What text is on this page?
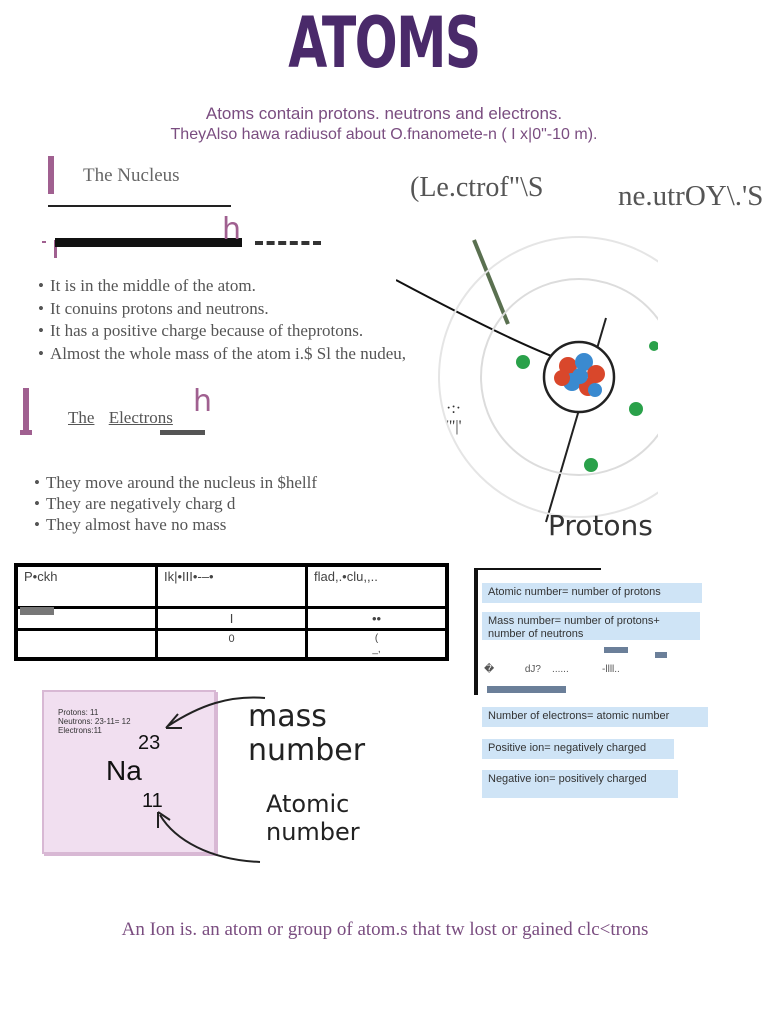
ATOMS
Atoms contain protons. neutrons and electrons.
TheyAlso hawa radiusof about O.fnanomete-n ( I x|0"-10 m).
The Nucleus
h
• It is in the middle of the atom.
• It conuins protons and neutrons.
• It has a positive charge because of theprotons.
• Almost the whole mass of the atom i.$ Sl the nudeu,
The Electrons h
• They move around the nucleus in $hellf
• They are negatively charg d
• They almost have no mass
(Le.ctrof"\S	ne.utrOY\.'S
·:·
'"|'
Protons
P•ckh	Ik|•III•-–•	flad,.•clu,,..
	I	••
	0	(
_,
Atomic number= number of protons
Mass number= number of protons+ number of neutrons
�           dJ?    ......            -llll..
Number of electrons= atomic number
Positive ion= negatively charged
Negative ion= positively charged
Protons: 11
Neutrons: 23-11= 12
Electrons:11
23
Na
11
mass
number
Atomic
number
An Ion is. an atom or group of atom.s that tw lost or gained clc<trons
